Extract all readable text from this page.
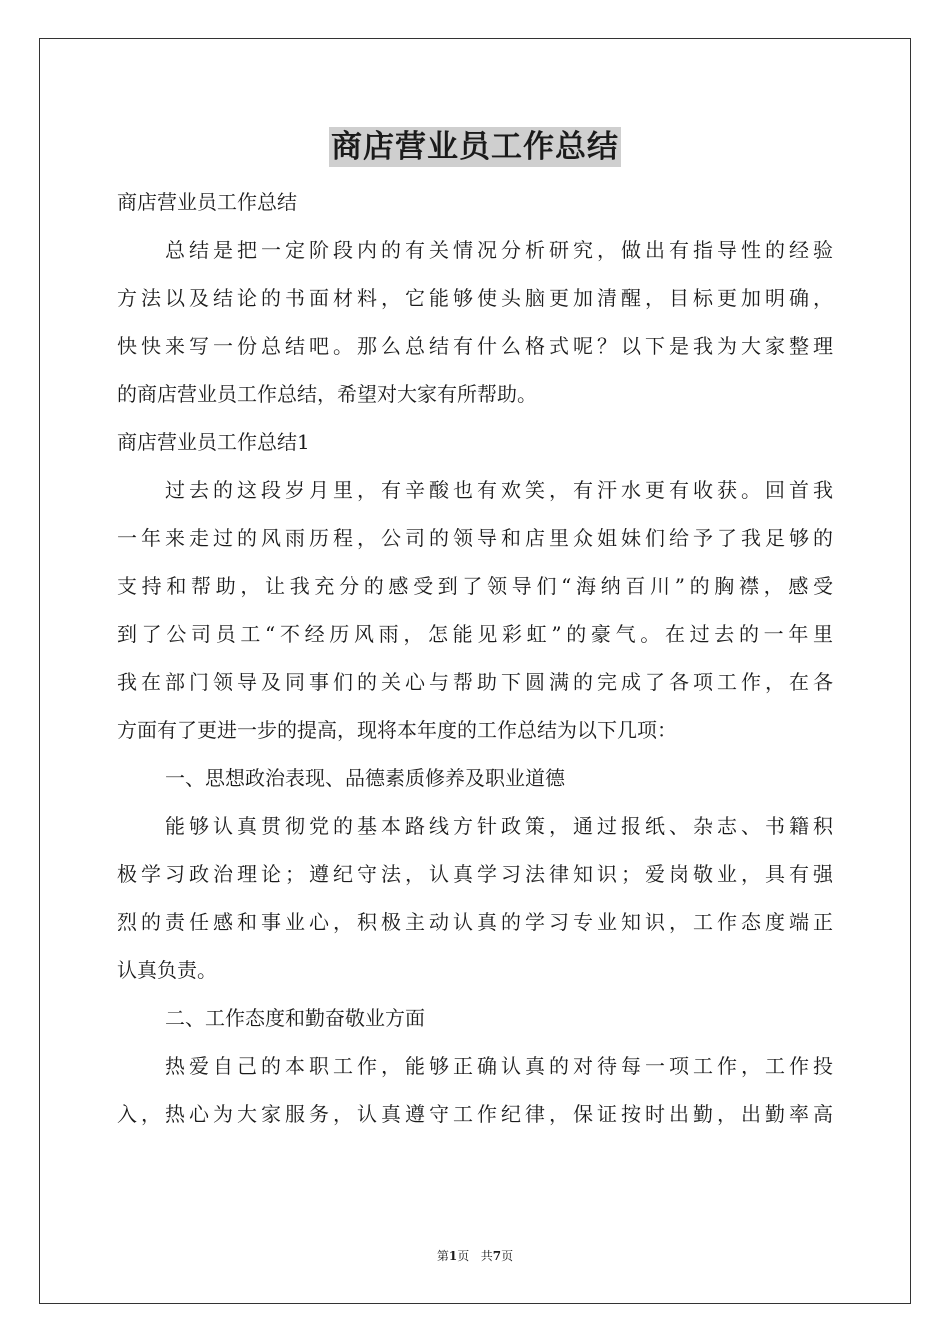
商店营业员工作总结
商店营业员工作总结
总结是把一定阶段内的有关情况分析研究，做出有指导性的经验
方法以及结论的书面材料，它能够使头脑更加清醒，目标更加明确，
快快来写一份总结吧。那么总结有什么格式呢？以下是我为大家整理
的商店营业员工作总结，希望对大家有所帮助。
商店营业员工作总结1
过去的这段岁月里，有辛酸也有欢笑，有汗水更有收获。回首我
一年来走过的风雨历程，公司的领导和店里众姐妹们给予了我足够的
支持和帮助，让我充分的感受到了领导们“海纳百川”的胸襟，感受
到了公司员工“不经历风雨，怎能见彩虹”的豪气。在过去的一年里
我在部门领导及同事们的关心与帮助下圆满的完成了各项工作，在各
方面有了更进一步的提高，现将本年度的工作总结为以下几项：
一、思想政治表现、品德素质修养及职业道德
能够认真贯彻党的基本路线方针政策，通过报纸、杂志、书籍积
极学习政治理论；遵纪守法，认真学习法律知识；爱岗敬业，具有强
烈的责任感和事业心，积极主动认真的学习专业知识，工作态度端正
认真负责。
二、工作态度和勤奋敬业方面
热爱自己的本职工作，能够正确认真的对待每一项工作，工作投
入，热心为大家服务，认真遵守工作纪律，保证按时出勤，出勤率高
第1页 共7页
